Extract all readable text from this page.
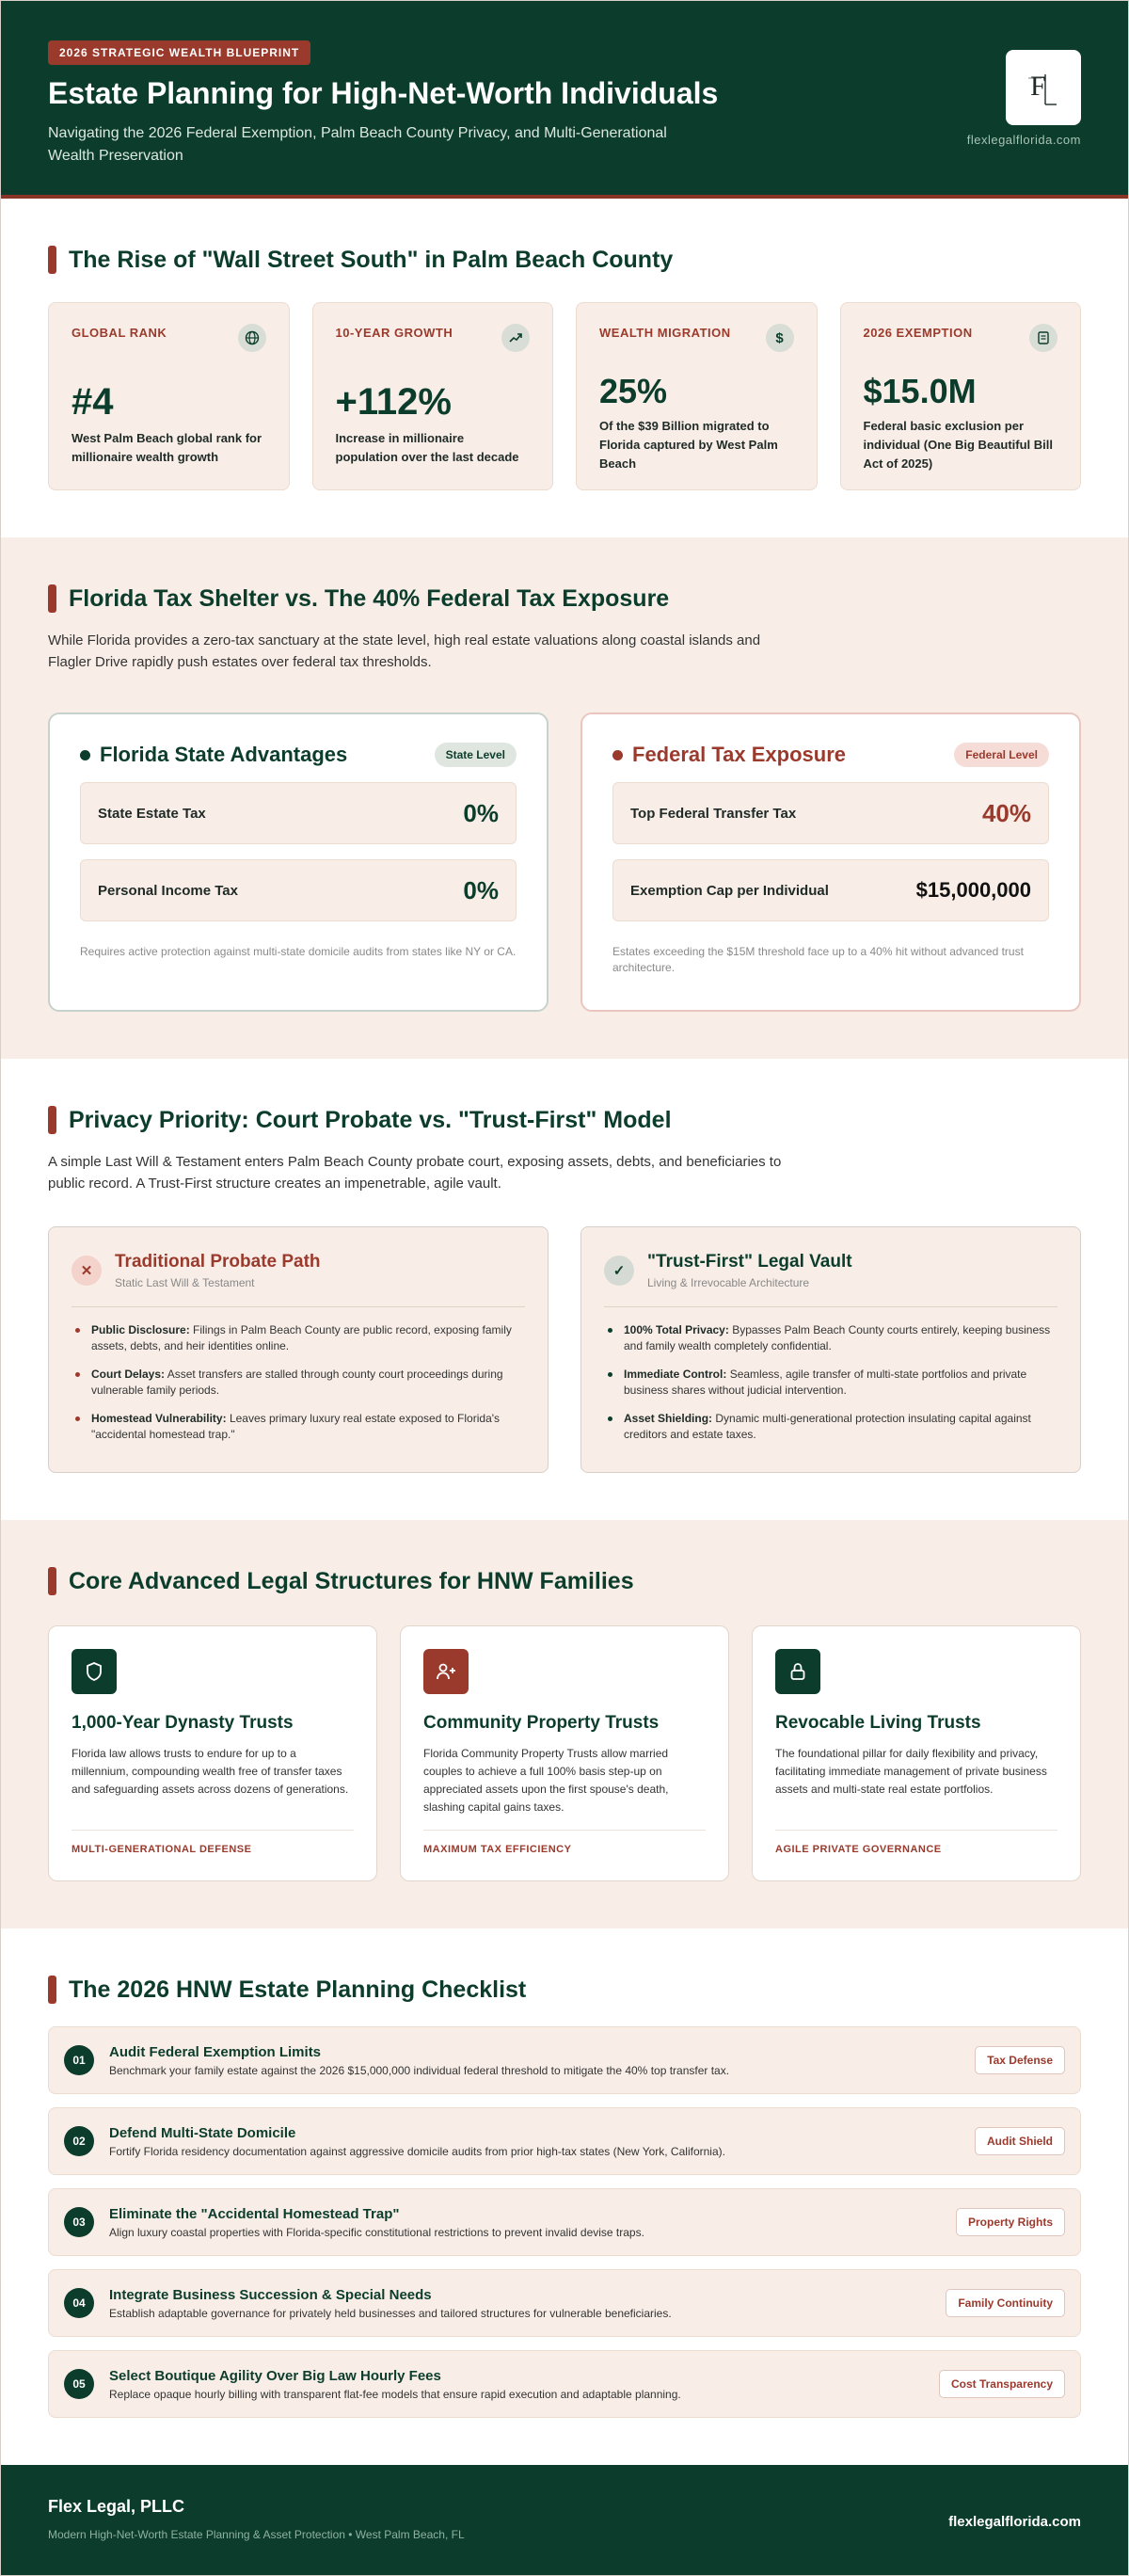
2026 STRATEGIC WEALTH BLUEPRINT
Estate Planning for High-Net-Worth Individuals

Navigating the 2026 Federal Exemption, Palm Beach County Privacy, and Multi-Generational Wealth Preservation

F
flexlegalflorida.com
The Rise of "Wall Street South" in Palm Beach County
GLOBAL RANK
#4
West Palm Beach global rank for millionaire wealth growth
10-YEAR GROWTH
+112%
Increase in millionaire population over the last decade
WEALTH MIGRATION	$
25%
Of the $39 Billion migrated to Florida captured by West Palm Beach
2026 EXEMPTION
$15.0M
Federal basic exclusion per individual (One Big Beautiful Bill Act of 2025)
Florida Tax Shelter vs. The 40% Federal Tax Exposure

While Florida provides a zero-tax sanctuary at the state level, high real estate valuations along coastal islands and Flagler Drive rapidly push estates over federal tax thresholds.

Florida State Advantages	State Level
State Estate Tax	0%
Personal Income Tax	0%

Requires active protection against multi-state domicile audits from states like NY or CA.

Federal Tax Exposure	Federal Level
Top Federal Transfer Tax	40%
Exemption Cap per Individual	$15,000,000

Estates exceeding the $15M threshold face up to a 40% hit without advanced trust architecture.

Privacy Priority: Court Probate vs. "Trust-First" Model

A simple Last Will & Testament enters Palm Beach County probate court, exposing assets, debts, and beneficiaries to public record. A Trust-First structure creates an impenetrable, agile vault.

✕	Traditional Probate Path
Static Last Will & Testament
Public Disclosure: Filings in Palm Beach County are public record, exposing family assets, debts, and heir identities online.
Court Delays: Asset transfers are stalled through county court proceedings during vulnerable family periods.
Homestead Vulnerability: Leaves primary luxury real estate exposed to Florida's "accidental homestead trap."
✓	"Trust-First" Legal Vault
Living & Irrevocable Architecture
100% Total Privacy: Bypasses Palm Beach County courts entirely, keeping business and family wealth completely confidential.
Immediate Control: Seamless, agile transfer of multi-state portfolios and private business shares without judicial intervention.
Asset Shielding: Dynamic multi-generational protection insulating capital against creditors and estate taxes.
Core Advanced Legal Structures for HNW Families
1,000-Year Dynasty Trusts
Florida law allows trusts to endure for up to a millennium, compounding wealth free of transfer taxes and safeguarding assets across dozens of generations.
MULTI-GENERATIONAL DEFENSE
Community Property Trusts
Florida Community Property Trusts allow married couples to achieve a full 100% basis step-up on appreciated assets upon the first spouse's death, slashing capital gains taxes.
MAXIMUM TAX EFFICIENCY
Revocable Living Trusts
The foundational pillar for daily flexibility and privacy, facilitating immediate management of private business assets and multi-state real estate portfolios.
AGILE PRIVATE GOVERNANCE
The 2026 HNW Estate Planning Checklist
01
Audit Federal Exemption Limits
Benchmark your family estate against the 2026 $15,000,000 individual federal threshold to mitigate the 40% top transfer tax.
Tax Defense
02
Defend Multi-State Domicile
Fortify Florida residency documentation against aggressive domicile audits from prior high-tax states (New York, California).
Audit Shield
03
Eliminate the "Accidental Homestead Trap"
Align luxury coastal properties with Florida-specific constitutional restrictions to prevent invalid devise traps.
Property Rights
04
Integrate Business Succession & Special Needs
Establish adaptable governance for privately held businesses and tailored structures for vulnerable beneficiaries.
Family Continuity
05
Select Boutique Agility Over Big Law Hourly Fees
Replace opaque hourly billing with transparent flat-fee models that ensure rapid execution and adaptable planning.
Cost Transparency
Flex Legal, PLLC
Modern High-Net-Worth Estate Planning & Asset Protection • West Palm Beach, FL
flexlegalflorida.com
